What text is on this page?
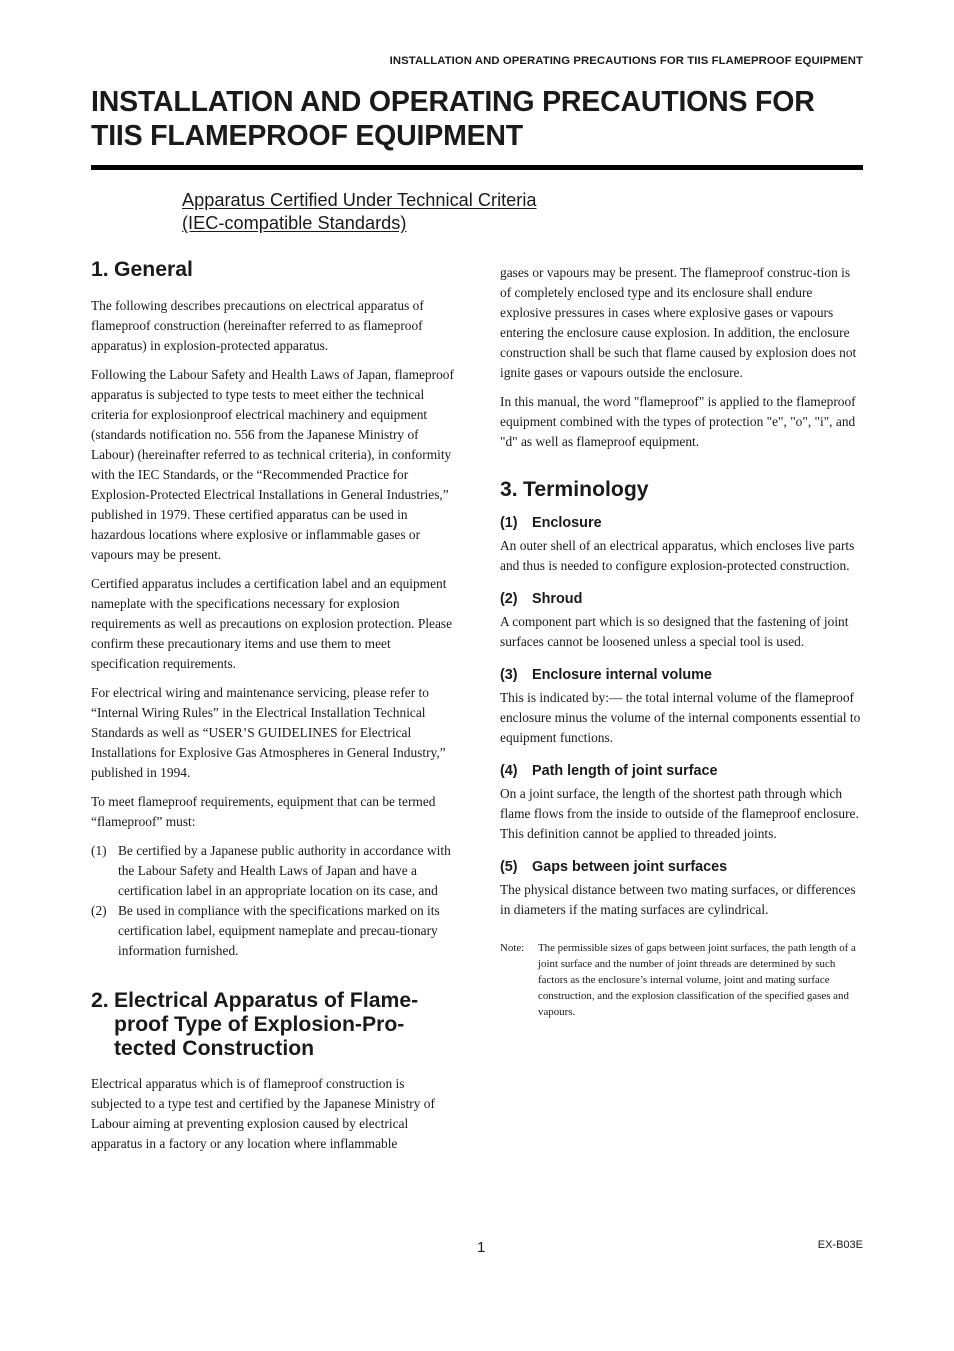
INSTALLATION AND OPERATING PRECAUTIONS FOR TIIS FLAMEPROOF EQUIPMENT
INSTALLATION AND OPERATING PRECAUTIONS FOR
TIIS FLAMEPROOF EQUIPMENT
Apparatus Certified Under Technical Criteria
(IEC-compatible Standards)
1. General

The following describes precautions on electrical apparatus of flameproof construction (hereinafter referred to as flameproof apparatus) in explosion-protected apparatus.

Following the Labour Safety and Health Laws of Japan, flameproof apparatus is subjected to type tests to meet either the technical criteria for explosionproof electrical machinery and equipment (standards notification no. 556 from the Japanese Ministry of Labour) (hereinafter referred to as technical criteria), in conformity with the IEC Standards, or the “Recommended Practice for Explosion-Protected Electrical Installations in General Industries,” published in 1979. These certified apparatus can be used in hazardous locations where explosive or inflammable gases or vapours may be present.

Certified apparatus includes a certification label and an equipment nameplate with the specifications necessary for explosion requirements as well as precautions on explosion protection. Please confirm these precautionary items and use them to meet specification requirements.

For electrical wiring and maintenance servicing, please refer to “Internal Wiring Rules” in the Electrical Installation Technical Standards as well as “USER’S GUIDELINES for Electrical Installations for Explosive Gas Atmospheres in General Industry,” published in 1994.

To meet flameproof requirements, equipment that can be termed “flameproof” must:

(1) Be certified by a Japanese public authority in accordance with the Labour Safety and Health Laws of Japan and have a certification label in an appropriate location on its case, and
(2) Be used in compliance with the specifications marked on its certification label, equipment nameplate and precau-tionary information furnished.
2. Electrical Apparatus of Flame-proof Type of Explosion-Pro-tected Construction

Electrical apparatus which is of flameproof construction is subjected to a type test and certified by the Japanese Ministry of Labour aiming at preventing explosion caused by electrical apparatus in a factory or any location where inflammable

gases or vapours may be present. The flameproof construc-tion is of completely enclosed type and its enclosure shall endure explosive pressures in cases where explosive gases or vapours entering the enclosure cause explosion. In addition, the enclosure construction shall be such that flame caused by explosion does not ignite gases or vapours outside the enclosure.

In this manual, the word "flameproof" is applied to the flameproof equipment combined with the types of protection "e", "o", "i", and "d" as well as flameproof equipment.

3. Terminology
(1)	Enclosure

An outer shell of an electrical apparatus, which encloses live parts and thus is needed to configure explosion-protected construction.

(2)	Shroud

A component part which is so designed that the fastening of joint surfaces cannot be loosened unless a special tool is used.

(3)	Enclosure internal volume

This is indicated by:— the total internal volume of the flameproof enclosure minus the volume of the internal components essential to equipment functions.

(4)	Path length of joint surface

On a joint surface, the length of the shortest path through which flame flows from the inside to outside of the flameproof enclosure. This definition cannot be applied to threaded joints.

(5)	Gaps between joint surfaces

The physical distance between two mating surfaces, or differences in diameters if the mating surfaces are cylindrical.

Note:	The permissible sizes of gaps between joint surfaces, the path length of a joint surface and the number of joint threads are determined by such factors as the enclosure’s internal volume, joint and mating surface construction, and the explosion classification of the specified gases and vapours.
1	EX-B03E
